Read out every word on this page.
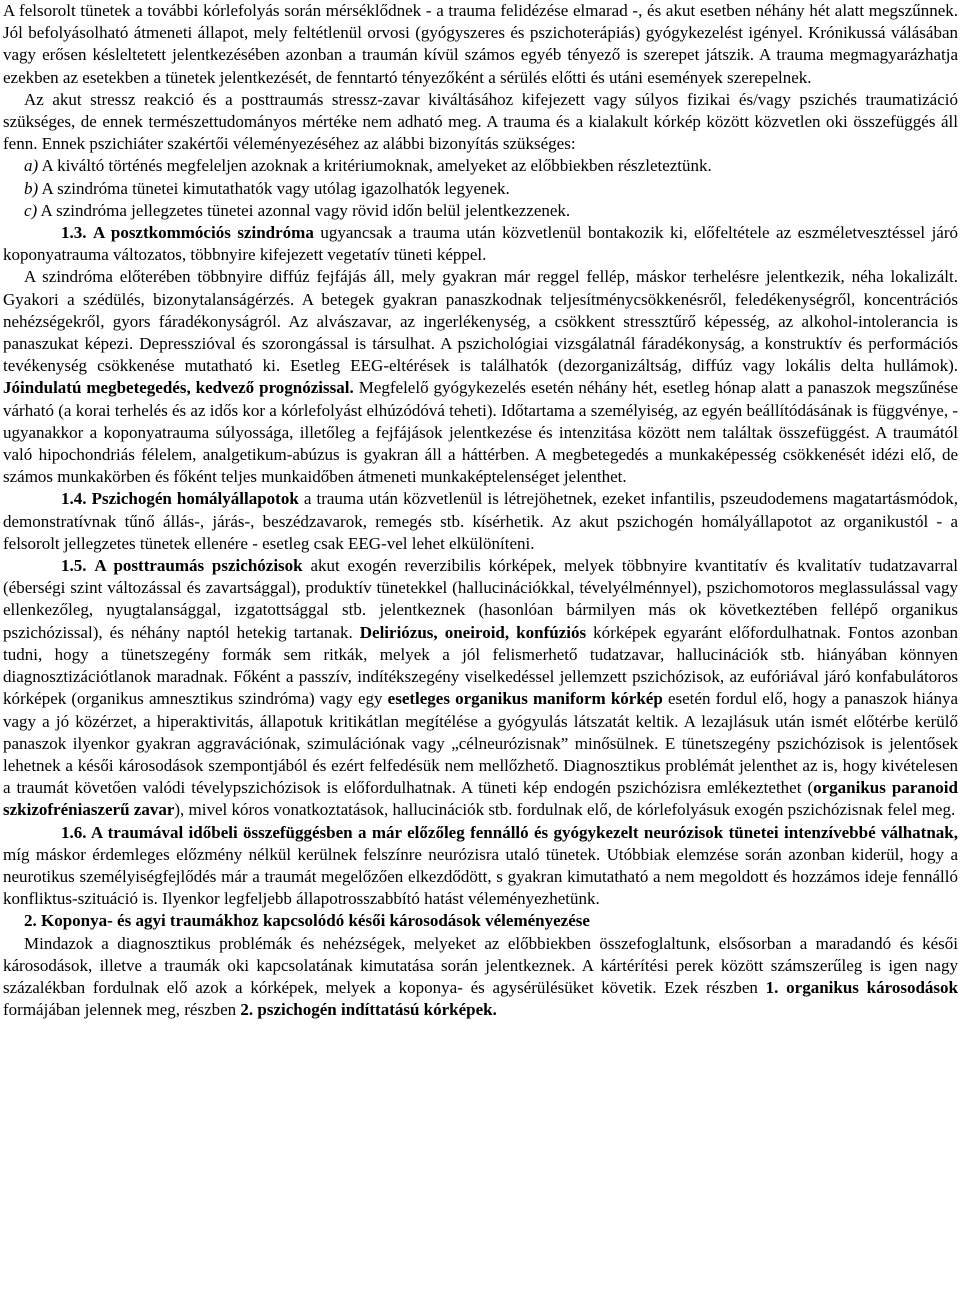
A felsorolt tünetek a további kórlefolyás során mérséklődnek - a trauma felidézése elmarad -, és akut esetben néhány hét alatt megszűnnek. Jól befolyásolható átmeneti állapot, mely feltétlenül orvosi (gyógyszeres és pszichoterápiás) gyógykezelést igényel. Krónikussá válásában vagy erősen késleltetett jelentkezésében azonban a traumán kívül számos egyéb tényező is szerepet játszik. A trauma megmagyarázhatja ezekben az esetekben a tünetek jelentkezését, de fenntartó tényezőként a sérülés előtti és utáni események szerepelnek.

Az akut stressz reakció és a posttraumás stressz-zavar kiváltásához kifejezett vagy súlyos fizikai és/vagy pszichés traumatizáció szükséges, de ennek természettudományos mértéke nem adható meg. A trauma és a kialakult kórkép között közvetlen oki összefüggés áll fenn. Ennek pszichiáter szakértői véleményezéséhez az alábbi bizonyítás szükséges:

a) A kiváltó történés megfeleljen azoknak a kritériumoknak, amelyeket az előbbiekben részleteztünk.

b) A szindróma tünetei kimutathatók vagy utólag igazolhatók legyenek.

c) A szindróma jellegzetes tünetei azonnal vagy rövid időn belül jelentkezzenek.

1.3. A posztkommóciós szindróma ugyancsak a trauma után közvetlenül bontakozik ki, előfeltétele az eszméletvesztéssel járó koponyatrauma változatos, többnyire kifejezett vegetatív tüneti képpel.

A szindróma előterében többnyire diffúz fejfájás áll, mely gyakran már reggel fellép, máskor terhelésre jelentkezik, néha lokalizált. Gyakori a szédülés, bizonytalanságérzés. A betegek gyakran panaszkodnak teljesítménycsökkenésről, feledékenységről, koncentrációs nehézségekről, gyors fáradékonyságról. Az alvászavar, az ingerlékenység, a csökkent stressztűrő képesség, az alkohol-intolerancia is panaszukat képezi. Depresszióval és szorongással is társulhat. A pszichológiai vizsgálatnál fáradékonyság, a konstruktív és performációs tevékenység csökkenése mutatható ki. Esetleg EEG-eltérések is találhatók (dezorganizáltság, diffúz vagy lokális delta hullámok). Jóindulatú megbetegedés, kedvező prognózissal. Megfelelő gyógykezelés esetén néhány hét, esetleg hónap alatt a panaszok megszűnése várható (a korai terhelés és az idős kor a kórlefolyást elhúzódóvá teheti). Időtartama a személyiség, az egyén beállítódásának is függvénye, - ugyanakkor a koponyatrauma súlyossága, illetőleg a fejfájások jelentkezése és intenzitása között nem találtak összefüggést. A traumától való hipochondriás félelem, analgetikum-abúzus is gyakran áll a háttérben. A megbetegedés a munkaképesség csökkenését idézi elő, de számos munkakörben és főként teljes munkaidőben átmeneti munkaképtelenséget jelenthet.

1.4. Pszichogén homályállapotok a trauma után közvetlenül is létrejöhetnek, ezeket infantilis, pszeudodemens magatartásmódok, demonstratívnak tűnő állás-, járás-, beszédzavarok, remegés stb. kísérhetik. Az akut pszichogén homályállapotot az organikustól - a felsorolt jellegzetes tünetek ellenére - esetleg csak EEG-vel lehet elkülöníteni.

1.5. A posttraumás pszichózisok akut exogén reverzibilis kórképek, melyek többnyire kvantitatív és kvalitatív tudatzavarral (éberségi szint változással és zavartsággal), produktív tünetekkel (hallucinációkkal, tévelyélménnyel), pszichomotoros meglassulással vagy ellenkezőleg, nyugtalansággal, izgatottsággal stb. jelentkeznek (hasonlóan bármilyen más ok következtében fellépő organikus pszichózissal), és néhány naptól hetekig tartanak. Deliriózus, oneiroid, konfúziós kórképek egyaránt előfordulhatnak. Fontos azonban tudni, hogy a tünetszegény formák sem ritkák, melyek a jól felismerhető tudatzavar, hallucinációk stb. hiányában könnyen diagnosztizációtlanok maradnak. Főként a passzív, indítékszegény viselkedéssel jellemzett pszichózisok, az eufóriával járó konfabulátoros kórképek (organikus amnesztikus szindróma) vagy egy esetleges organikus maniform kórkép esetén fordul elő, hogy a panaszok hiánya vagy a jó közérzet, a hiperaktivitás, állapotuk kritikátlan megítélése a gyógyulás látszatát keltik. A lezajlásuk után ismét előtérbe kerülő panaszok ilyenkor gyakran aggravációnak, szimulációnak vagy „célneurózisnak” minősülnek. E tünetszegény pszichózisok is jelentősek lehetnek a késői károsodások szempontjából és ezért felfedésük nem mellőzhető. Diagnosztikus problémát jelenthet az is, hogy kivételesen a traumát követően valódi tévelypszichózisok is előfordulhatnak. A tüneti kép endogén pszichózisra emlékeztethet (organikus paranoid szkizofréniaszerű zavar), mivel kóros vonatkoztatások, hallucinációk stb. fordulnak elő, de kórlefolyásuk exogén pszichózisnak felel meg.

1.6. A traumával időbeli összefüggésben a már előzőleg fennálló és gyógykezelt neurózisok tünetei intenzívebbé válhatnak, míg máskor érdemleges előzmény nélkül kerülnek felszínre neurózisra utaló tünetek. Utóbbiak elemzése során azonban kiderül, hogy a neurotikus személyiségfejlődés már a traumát megelőzően elkezdődött, s gyakran kimutatható a nem megoldott és hozzámos ideje fennálló konfliktus-szituáció is. Ilyenkor legfeljebb állapotrosszabbító hatást véleményezhetünk.

2. Koponya- és agyi traumákhoz kapcsolódó késői károsodások véleményezése

Mindazok a diagnosztikus problémák és nehézségek, melyeket az előbbiekben összefoglaltunk, elsősorban a maradandó és késői károsodások, illetve a traumák oki kapcsolatának kimutatása során jelentkeznek. A kártérítési perek között számszerűleg is igen nagy százalékban fordulnak elő azok a kórképek, melyek a koponya- és agysérülésüket követik. Ezek részben 1. organikus károsodások formájában jelennek meg, részben 2. pszichogén indíttatású kórképek.
